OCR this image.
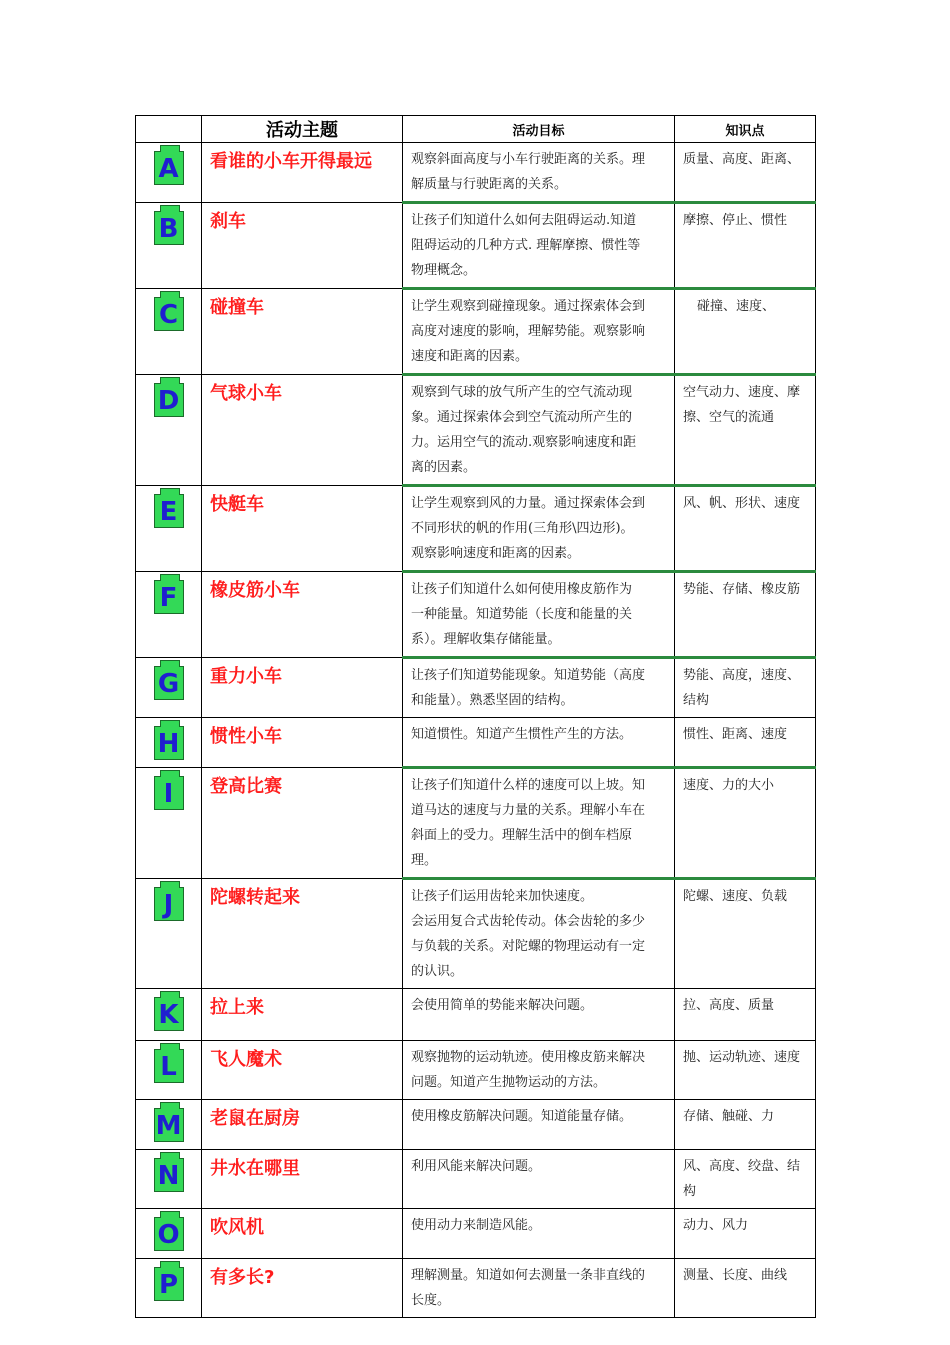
	活动主题	活动目标	知识点

A	看谁的小车开得最远	观察斜面高度与小车行驶距离的关系。理
解质量与行驶距离的关系。	质量、高度、距离、

B	刹车	让孩子们知道什么如何去阻碍运动.知道
阻碍运动的几种方式. 理解摩擦、惯性等
物理概念。	摩擦、停止、惯性

C	碰撞车	让学生观察到碰撞现象。通过探索体会到
高度对速度的影响，理解势能。观察影响
速度和距离的因素。	碰撞、速度、

D	气球小车	观察到气球的放气所产生的空气流动现
象。通过探索体会到空气流动所产生的
力。运用空气的流动.观察影响速度和距
离的因素。	空气动力、速度、摩
擦、空气的流通

E	快艇车	让学生观察到风的力量。通过探索体会到
不同形状的帆的作用(三角形\四边形)。
观察影响速度和距离的因素。	风、帆、形状、速度

F	橡皮筋小车	让孩子们知道什么如何使用橡皮筋作为
一种能量。知道势能（长度和能量的关
系）。理解收集存储能量。	势能、存储、橡皮筋

G	重力小车	让孩子们知道势能现象。知道势能（高度
和能量）。熟悉坚固的结构。	势能、高度，速度、
结构

H	惯性小车	知道惯性。知道产生惯性产生的方法。	惯性、距离、速度

I	登高比赛	让孩子们知道什么样的速度可以上坡。知
道马达的速度与力量的关系。理解小车在
斜面上的受力。理解生活中的倒车档原
理。	速度、力的大小

J	陀螺转起来	让孩子们运用齿轮来加快速度。
会运用复合式齿轮传动。体会齿轮的多少
与负载的关系。对陀螺的物理运动有一定
的认识。	陀螺、速度、负载

K	拉上来	会使用简单的势能来解决问题。	拉、高度、质量

L	飞人魔术	观察抛物的运动轨迹。使用橡皮筋来解决
问题。知道产生抛物运动的方法。	抛、运动轨迹、速度

M	老鼠在厨房	使用橡皮筋解决问题。知道能量存储。	存储、触碰、力

N	井水在哪里	利用风能来解决问题。	风、高度、绞盘、结
构

O	吹风机	使用动力来制造风能。	动力、风力

P	有多长?	理解测量。知道如何去测量一条非直线的
长度。	测量、长度、曲线
